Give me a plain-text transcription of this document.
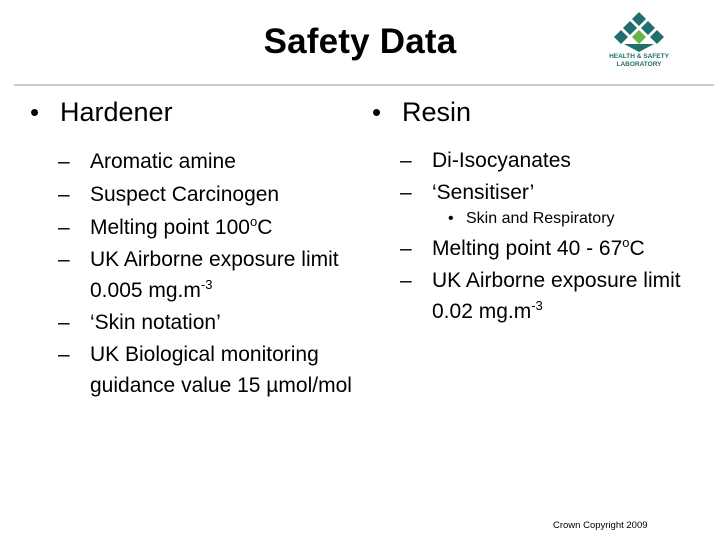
Safety Data	HEALTH & SAFETY
LABORATORY
• Hardener
– Aromatic amine
– Suspect Carcinogen
– Melting point 100$^o$C
– UK Airborne exposure limit 0.005 $mg.m^{-3}$
– ‘Skin notation’
– UK Biological monitoring guidance value 15 µmol/mol
• Resin
– Di-Isocyanates
– ‘Sensitiser’
• Skin and Respiratory
– Melting point 40 - 67$^o$C
– UK Airborne exposure limit 0.02 $mg.m^{-3}$
Crown Copyright 2009
